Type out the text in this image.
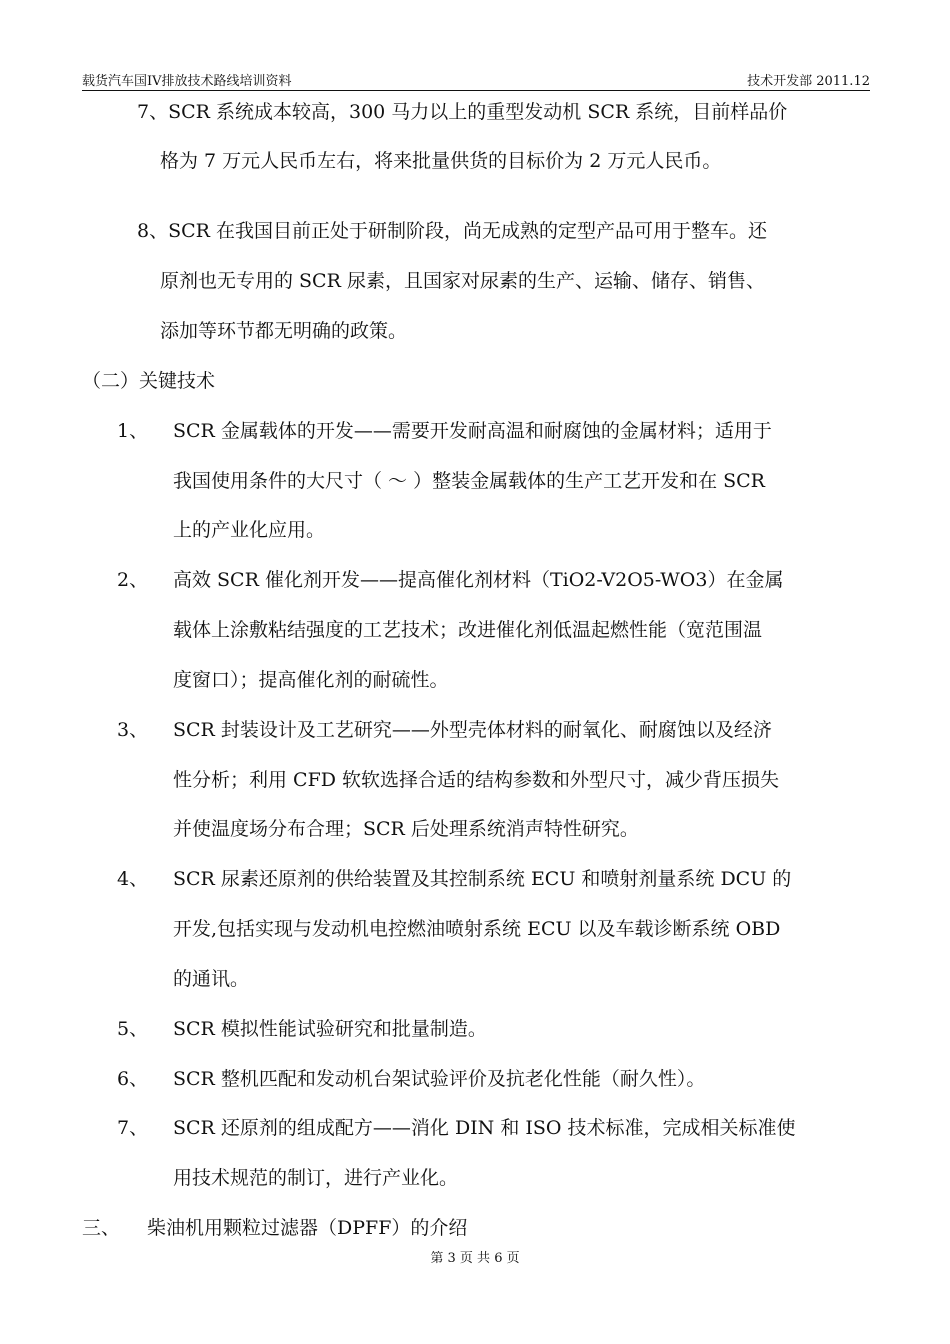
载货汽车国IV排放技术路线培训资料	技术开发部 2011.12
7、SCR 系统成本较高，300 马力以上的重型发动机 SCR 系统，目前样品价
格为 7 万元人民币左右，将来批量供货的目标价为 2 万元人民币。
8、SCR 在我国目前正处于研制阶段，尚无成熟的定型产品可用于整车。还
原剂也无专用的 SCR 尿素，且国家对尿素的生产、运输、储存、销售、
添加等环节都无明确的政策。
（二）关键技术
1、 SCR 金属载体的开发——需要开发耐高温和耐腐蚀的金属材料；适用于
我国使用条件的大尺寸（ ～ ）整装金属载体的生产工艺开发和在 SCR
上的产业化应用。
2、 高效 SCR 催化剂开发——提高催化剂材料（TiO2-V2O5-WO3）在金属
载体上涂敷粘结强度的工艺技术；改进催化剂低温起燃性能（宽范围温
度窗口）；提高催化剂的耐硫性。
3、 SCR 封装设计及工艺研究——外型壳体材料的耐氧化、耐腐蚀以及经济
性分析；利用 CFD 软软选择合适的结构参数和外型尺寸，减少背压损失
并使温度场分布合理；SCR 后处理系统消声特性研究。
4、 SCR 尿素还原剂的供给装置及其控制系统 ECU 和喷射剂量系统 DCU 的
开发,包括实现与发动机电控燃油喷射系统 ECU 以及车载诊断系统 OBD
的通讯。
5、 SCR 模拟性能试验研究和批量制造。
6、 SCR 整机匹配和发动机台架试验评价及抗老化性能（耐久性）。
7、 SCR 还原剂的组成配方——消化 DIN 和 ISO 技术标准，完成相关标准使
用技术规范的制订，进行产业化。
三、 柴油机用颗粒过滤器（DPFF）的介绍
第 3 页 共 6 页
